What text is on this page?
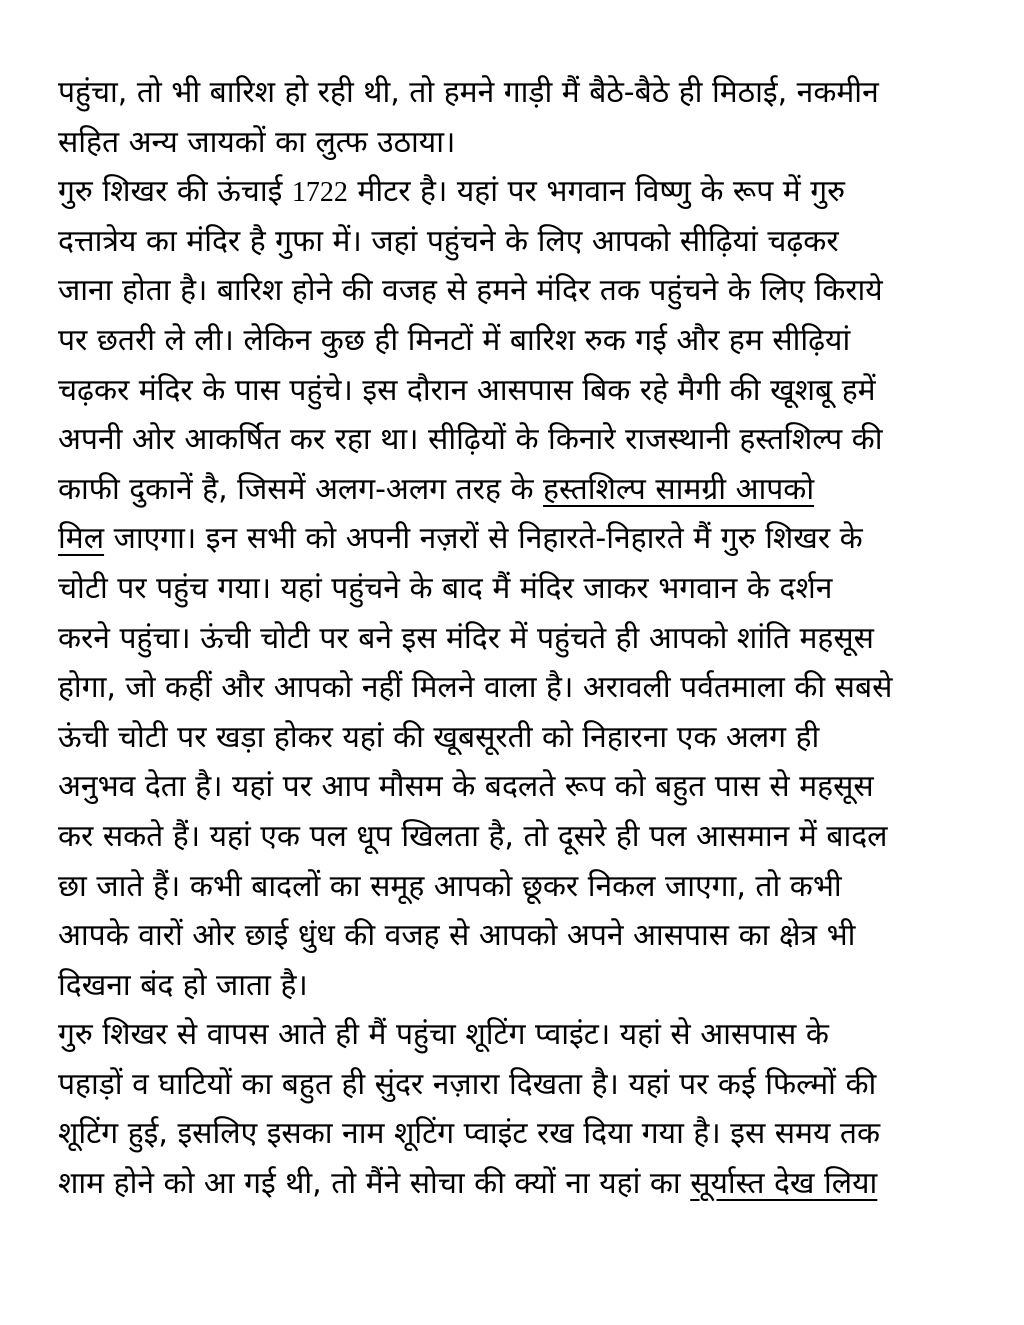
पहुंचा, तो भी बारिश हो रही थी, तो हमने गाड़ी मैं बैठे-बैठे ही मिठाई, नकमीन
सहित अन्य जायकों का लुत्फ उठाया।
गुरु शिखर की ऊंचाई 1722 मीटर है। यहां पर भगवान विष्णु के रूप में गुरु
दत्तात्रेय का मंदिर है गुफा में। जहां पहुंचने के लिए आपको सीढ़ियां चढ़कर
जाना होता है। बारिश होने की वजह से हमने मंदिर तक पहुंचने के लिए किराये
पर छतरी ले ली। लेकिन कुछ ही मिनटों में बारिश रुक गई और हम सीढ़ियां
चढ़कर मंदिर के पास पहुंचे। इस दौरान आसपास बिक रहे मैगी की खूशबू हमें
अपनी ओर आकर्षित कर रहा था। सीढ़ियों के किनारे राजस्थानी हस्तशिल्प की
काफी दुकानें है, जिसमें अलग-अलग तरह के हस्तशिल्प सामग्री आपको
मिल जाएगा। इन सभी को अपनी नज़रों से निहारते-निहारते मैं गुरु शिखर के
चोटी पर पहुंच गया। यहां पहुंचने के बाद मैं मंदिर जाकर भगवान के दर्शन
करने पहुंचा। ऊंची चोटी पर बने इस मंदिर में पहुंचते ही आपको शांति महसूस
होगा, जो कहीं और आपको नहीं मिलने वाला है। अरावली पर्वतमाला की सबसे
ऊंची चोटी पर खड़ा होकर यहां की खूबसूरती को निहारना एक अलग ही
अनुभव देता है। यहां पर आप मौसम के बदलते रूप को बहुत पास से महसूस
कर सकते हैं। यहां एक पल धूप खिलता है, तो दूसरे ही पल आसमान में बादल
छा जाते हैं। कभी बादलों का समूह आपको छूकर निकल जाएगा, तो कभी
आपके वारों ओर छाई धुंध की वजह से आपको अपने आसपास का क्षेत्र भी
दिखना बंद हो जाता है।
गुरु शिखर से वापस आते ही मैं पहुंचा शूटिंग प्वाइंट। यहां से आसपास के
पहाड़ों व घाटियों का बहुत ही सुंदर नज़ारा दिखता है। यहां पर कई फिल्मों की
शूटिंग हुई, इसलिए इसका नाम शूटिंग प्वाइंट रख दिया गया है। इस समय तक
शाम होने को आ गई थी, तो मैंने सोचा की क्यों ना यहां का सूर्यास्त देख लिया
